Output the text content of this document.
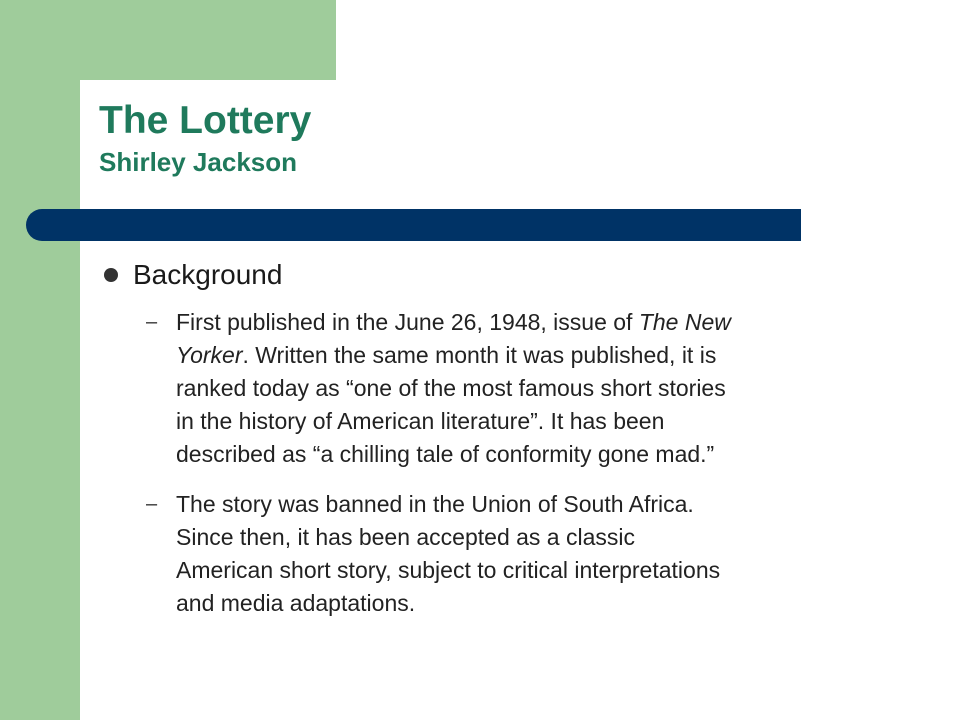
The Lottery
Shirley Jackson
Background
– First published in the June 26, 1948, issue of The New
Yorker. Written the same month it was published, it is
ranked today as “one of the most famous short stories
in the history of American literature”. It has been
described as “a chilling tale of conformity gone mad.”

– The story was banned in the Union of South Africa.
Since then, it has been accepted as a classic
American short story, subject to critical interpretations
and media adaptations.
